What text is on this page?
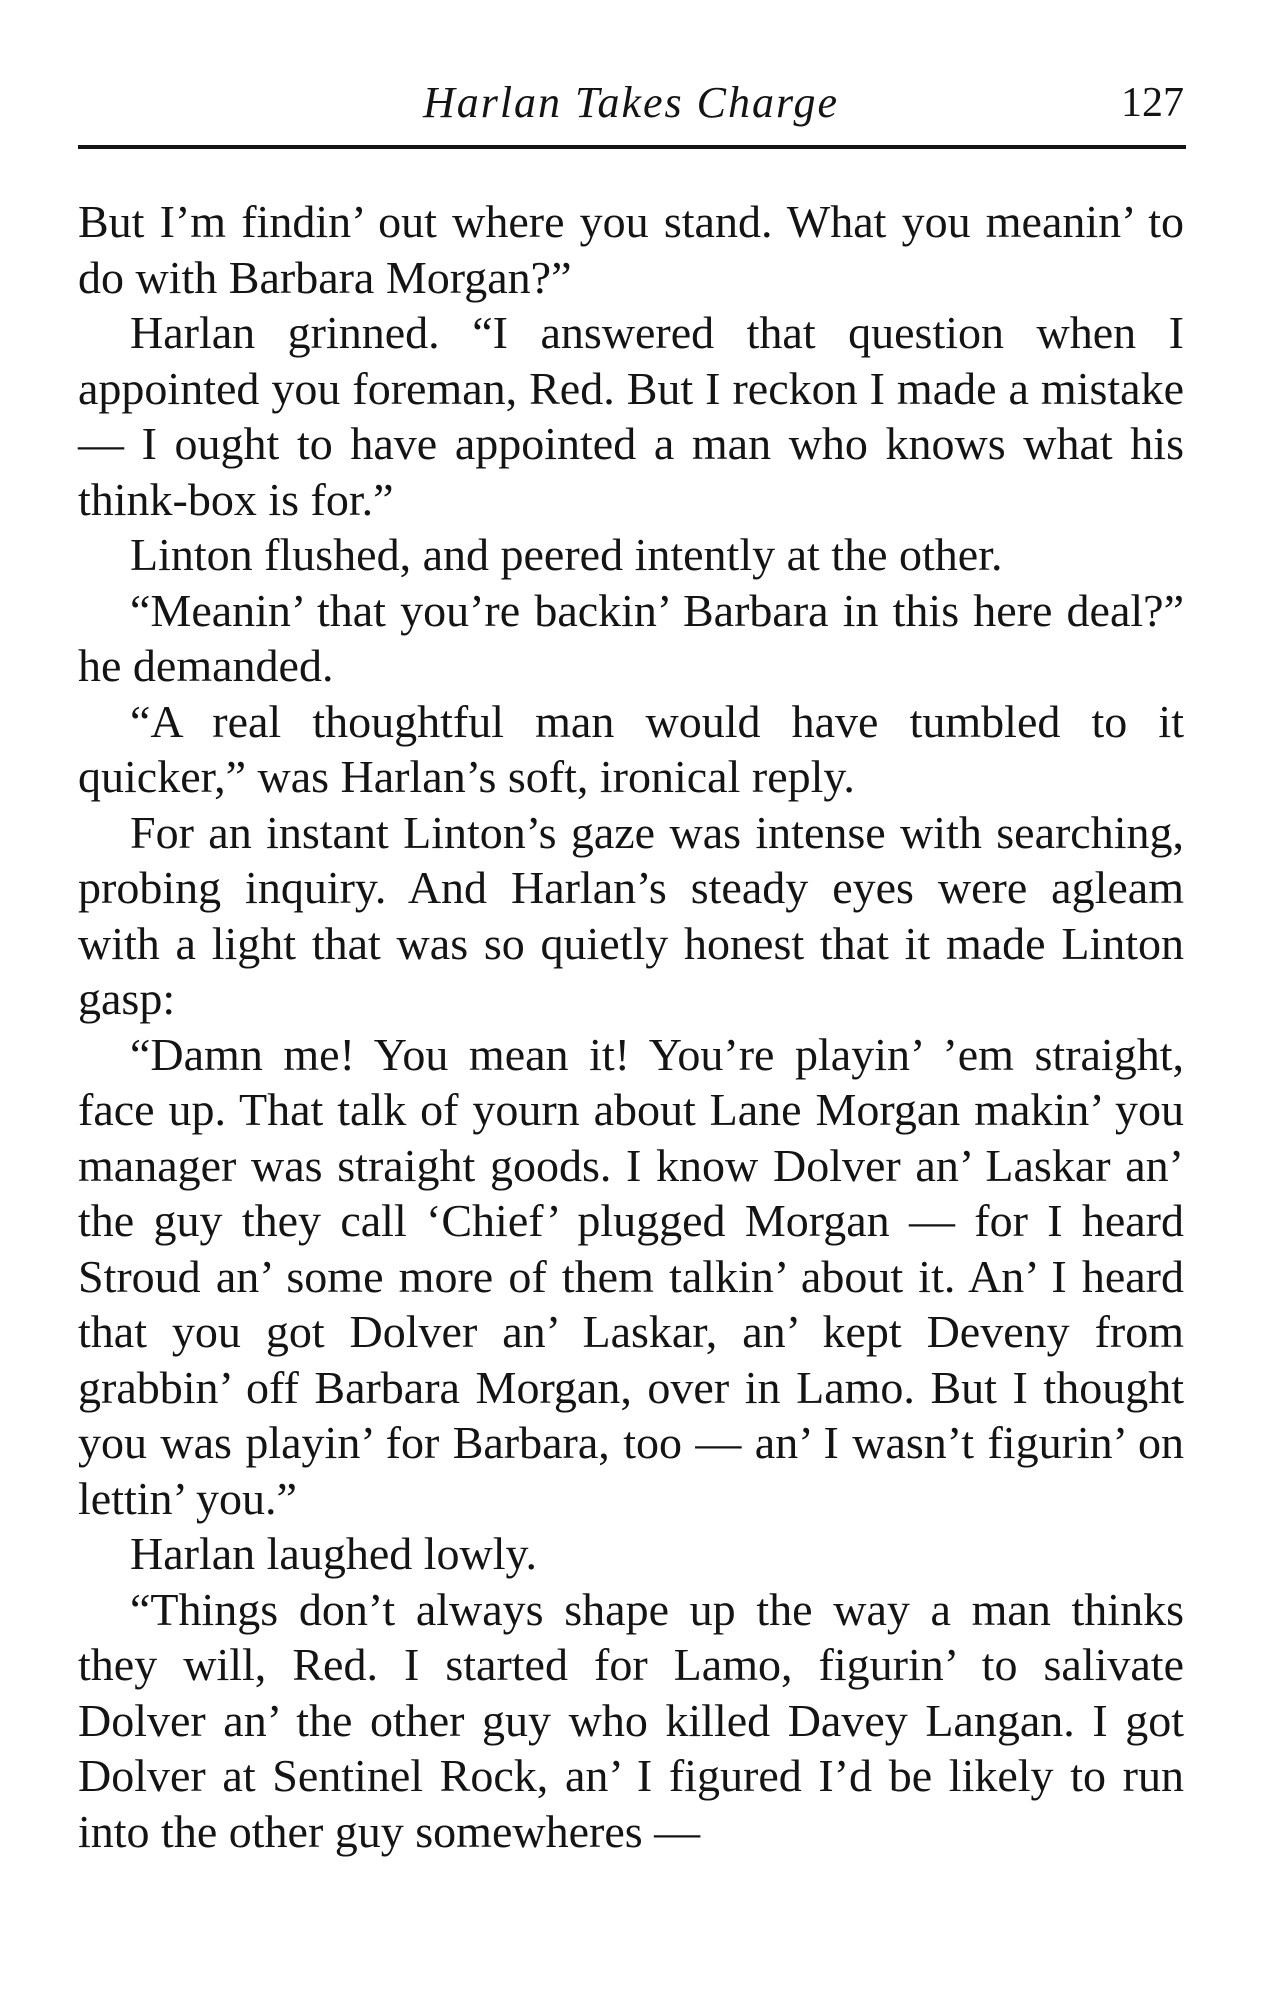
Harlan Takes Charge	127

But I’m findin’ out where you stand. What you meanin’ to do with Barbara Morgan?”

Harlan grinned. “I answered that question when I appointed you foreman, Red. But I reckon I made a mistake — I ought to have appointed a man who knows what his think-box is for.”

Linton flushed, and peered intently at the other.

“Meanin’ that you’re backin’ Barbara in this here deal?” he demanded.

“A real thoughtful man would have tumbled to it quicker,” was Harlan’s soft, ironical reply.

For an instant Linton’s gaze was intense with searching, probing inquiry. And Harlan’s steady eyes were agleam with a light that was so quietly honest that it made Linton gasp:

“Damn me! You mean it! You’re playin’ ’em straight, face up. That talk of yourn about Lane Morgan makin’ you manager was straight goods. I know Dolver an’ Laskar an’ the guy they call ‘Chief’ plugged Morgan — for I heard Stroud an’ some more of them talkin’ about it. An’ I heard that you got Dolver an’ Laskar, an’ kept Deveny from grabbin’ off Barbara Morgan, over in Lamo. But I thought you was playin’ for Barbara, too — an’ I wasn’t figurin’ on lettin’ you.”

Harlan laughed lowly.

“Things don’t always shape up the way a man thinks they will, Red. I started for Lamo, figurin’ to salivate Dolver an’ the other guy who killed Davey Langan. I got Dolver at Sentinel Rock, an’ I figured I’d be likely to run into the other guy somewheres —
